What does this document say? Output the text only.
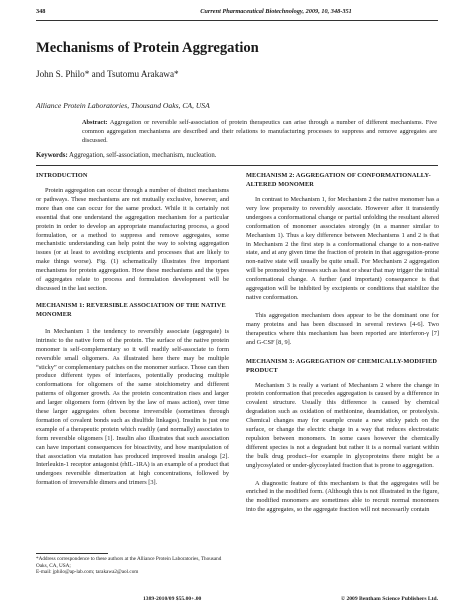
348	Current Pharmaceutical Biotechnology, 2009, 10, 348-351
Mechanisms of Protein Aggregation
John S. Philo* and Tsutomu Arakawa*
Alliance Protein Laboratories, Thousand Oaks, CA, USA
Abstract: Aggregation or reversible self-association of protein therapeutics can arise through a number of different mechanisms. Five common aggregation mechanisms are described and their relations to manufacturing processes to suppress and remove aggregates are discussed.
Keywords: Aggregation, self-association, mechanism, nucleation.
INTRODUCTION

Protein aggregation can occur through a number of distinct mechanisms or pathways. These mechanisms are not mutually exclusive, however, and more than one can occur for the same product. While it is certainly not essential that one understand the aggregation mechanism for a particular protein in order to develop an appropriate manufacturing process, a good formulation, or a method to suppress and remove aggregates, some mechanistic understanding can help point the way to solving aggregation issues (or at least to avoiding excipients and processes that are likely to make things worse). Fig. (1) schematically illustrates five important mechanisms for protein aggregation. How these mechanisms and the types of aggregates relate to process and formulation development will be discussed in the last section.

MECHANISM 1: REVERSIBLE ASSOCIATION OF THE NATIVE MONOMER

In Mechanism 1 the tendency to reversibly associate (aggregate) is intrinsic to the native form of the protein. The surface of the native protein monomer is self-complementary so it will readily self-associate to form reversible small oligomers. As illustrated here there may be multiple “sticky” or complementary patches on the monomer surface. Those can then produce different types of interfaces, potentially producing multiple conformations for oligomers of the same stoichiometry and different patterns of oligomer growth. As the protein concentration rises and larger and larger oligomers form (driven by the law of mass action), over time these larger aggregates often become irreversible (sometimes through formation of covalent bonds such as disulfide linkages). Insulin is just one example of a therapeutic protein which readily (and normally) associates to form reversible oligomers [1]. Insulin also illustrates that such association can have important consequences for bioactivity, and how manipulation of that association via mutation has produced improved insulin analogs [2]. Interleukin-1 receptor antagonist (rhIL-1RA) is an example of a product that undergoes reversible dimerization at high concentrations, followed by formation of irreversible dimers and trimers [3].

MECHANISM 2: AGGREGATION OF CONFORMATIONALLY-ALTERED MONOMER

In contrast to Mechanism 1, for Mechanism 2 the native monomer has a very low propensity to reversibly associate. However after it transiently undergoes a conformational change or partial unfolding the resultant altered conformation of monomer associates strongly (in a manner similar to Mechanism 1). Thus a key difference between Mechanisms 1 and 2 is that in Mechanism 2 the first step is a conformational change to a non-native state, and at any given time the fraction of protein in that aggregation-prone non-native state will usually be quite small. For Mechanism 2 aggregation will be promoted by stresses such as heat or shear that may trigger the initial conformational change. A further (and important) consequence is that aggregation will be inhibited by excipients or conditions that stabilize the native conformation.

This aggregation mechanism does appear to be the dominant one for many proteins and has been discussed in several reviews [4-6]. Two therapeutics where this mechanism has been reported are interferon-γ [7] and G-CSF [8, 9].

MECHANISM 3: AGGREGATION OF CHEMICALLY-MODIFIED PRODUCT

Mechanism 3 is really a variant of Mechanism 2 where the change in protein conformation that precedes aggregation is caused by a difference in covalent structure. Usually this difference is caused by chemical degradation such as oxidation of methionine, deamidation, or proteolysis. Chemical changes may for example create a new sticky patch on the surface, or change the electric charge in a way that reduces electrostatic repulsion between monomers. In some cases however the chemically different species is not a degradant but rather it is a normal variant within the bulk drug product--for example in glycoproteins there might be a unglycosylated or under-glycosylated fraction that is prone to aggregation.

A diagnostic feature of this mechanism is that the aggregates will be enriched in the modified form. (Although this is not illustrated in the figure, the modified monomers are sometimes able to recruit normal monomers into the aggregates, so the aggregate fraction will not necessarily contain

*Address correspondence to these authors at the Alliance Protein Laboratories, Thousand Oaks, CA, USA;

E-mail: jphilo@ap-lab.com; tarakawa2@aol.com

1389-2010/09 $55.00+.00	© 2009 Bentham Science Publishers Ltd.
